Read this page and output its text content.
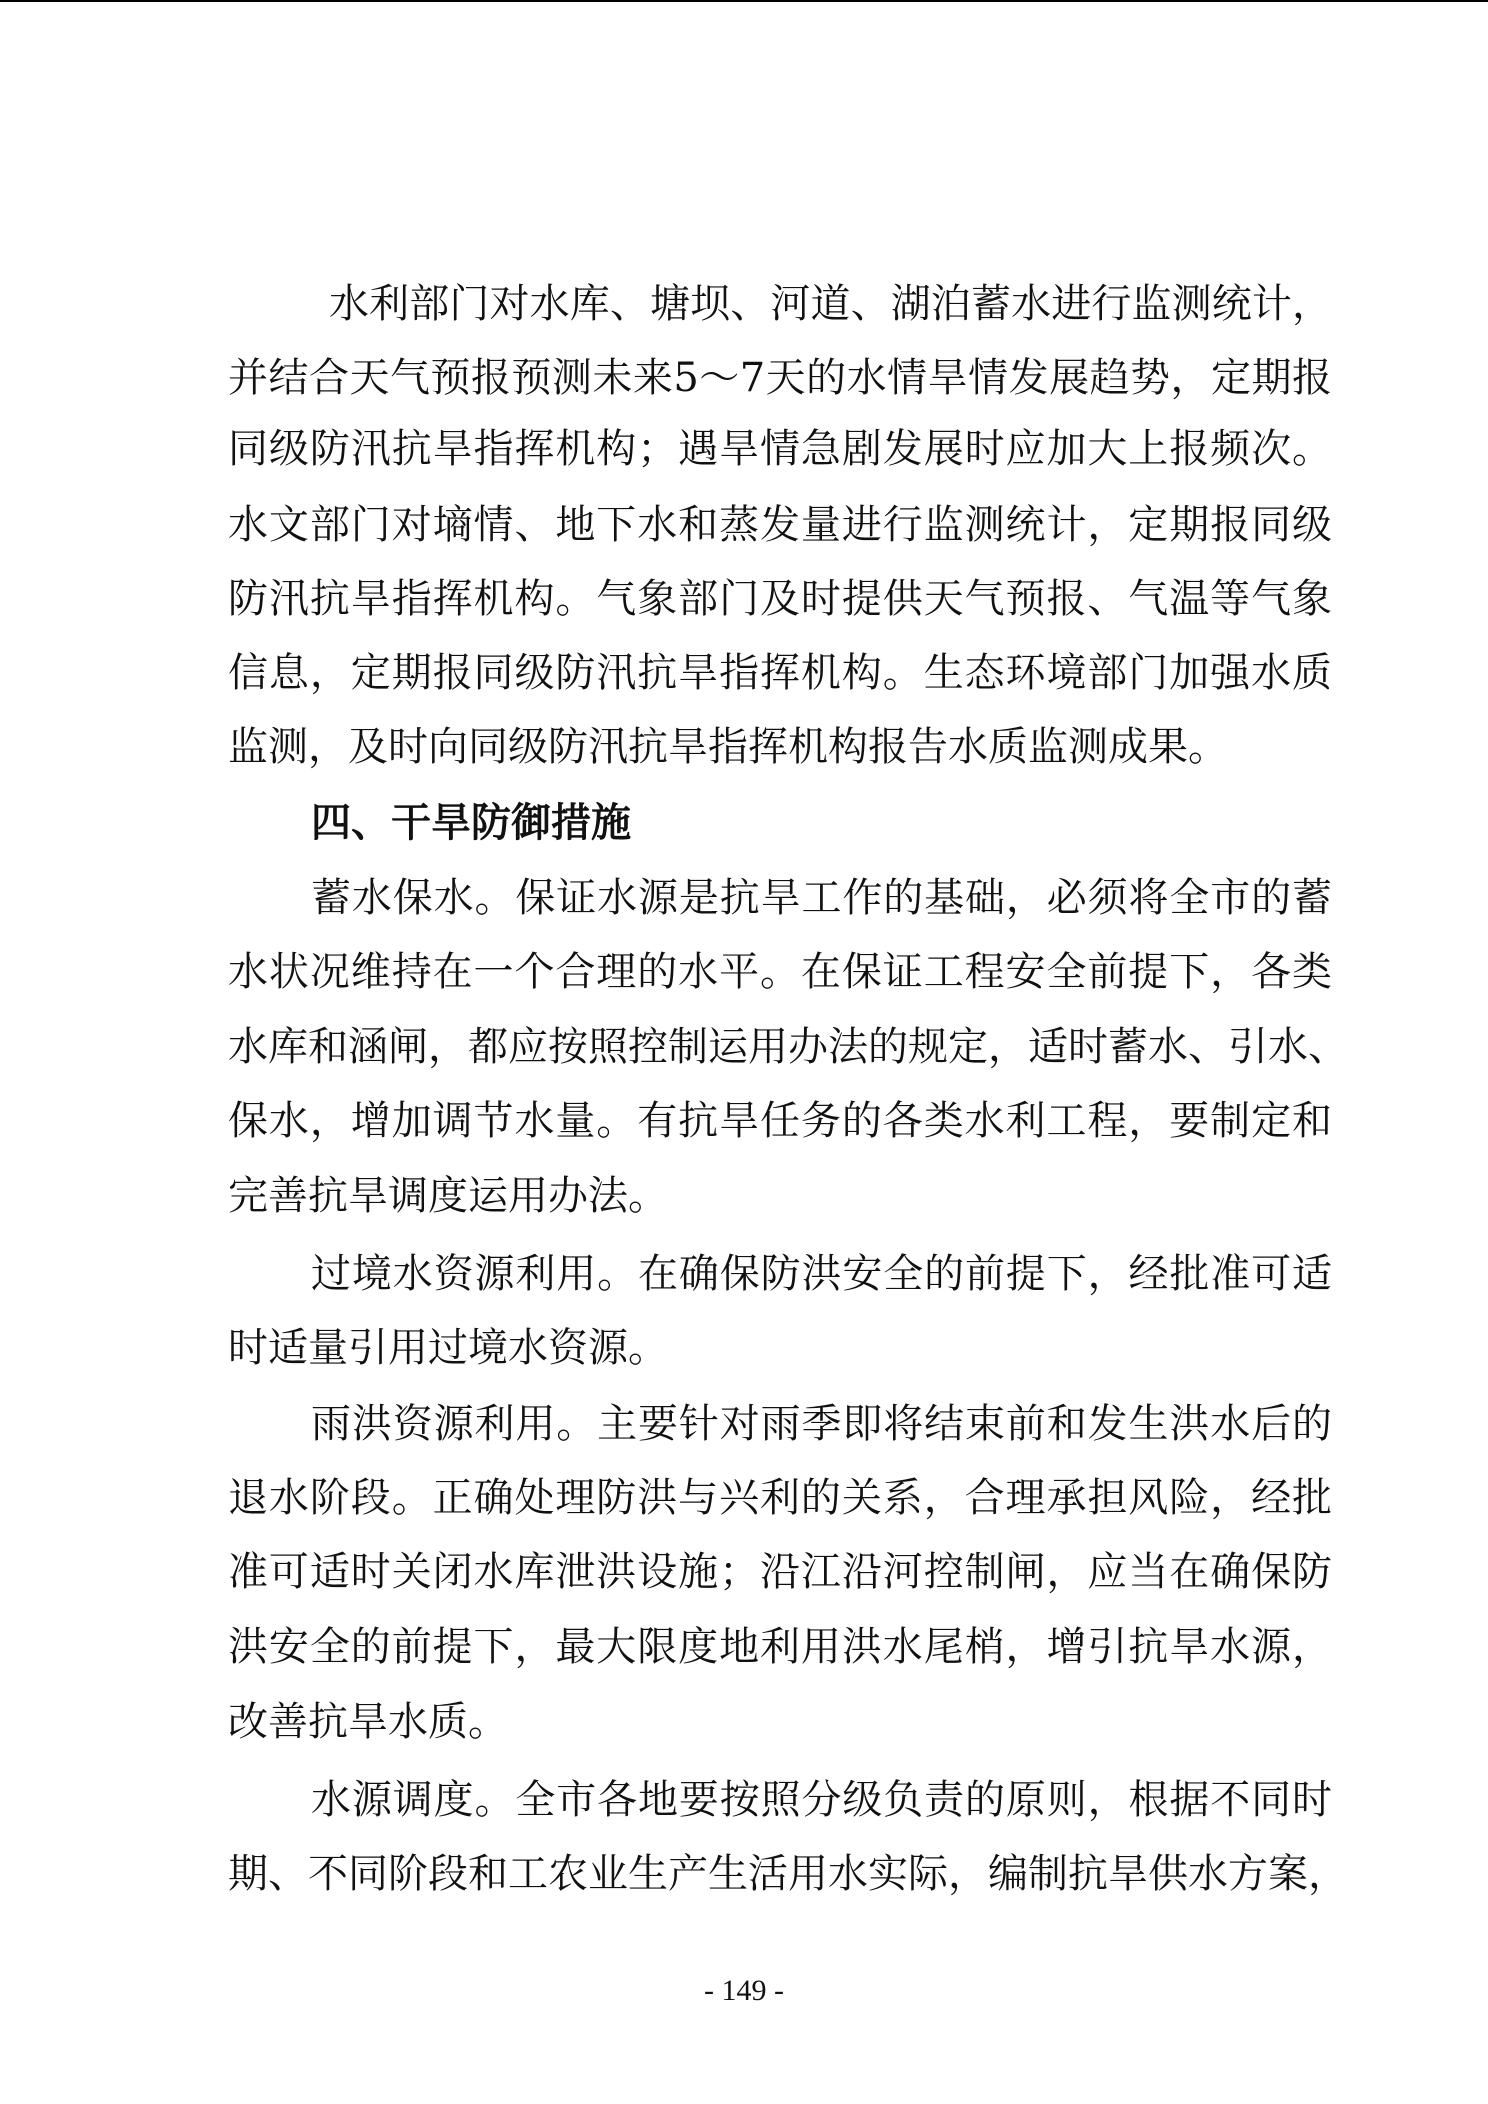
水利部门对水库、塘坝、河道、湖泊蓄水进行监测统计，
并结合天气预报预测未来5～7天的水情旱情发展趋势，定期报
同级防汛抗旱指挥机构；遇旱情急剧发展时应加大上报频次。
水文部门对墒情、地下水和蒸发量进行监测统计，定期报同级
防汛抗旱指挥机构。气象部门及时提供天气预报、气温等气象
信息，定期报同级防汛抗旱指挥机构。生态环境部门加强水质
监测，及时向同级防汛抗旱指挥机构报告水质监测成果。
四、干旱防御措施
蓄水保水。保证水源是抗旱工作的基础，必须将全市的蓄
水状况维持在一个合理的水平。在保证工程安全前提下，各类
水库和涵闸，都应按照控制运用办法的规定，适时蓄水、引水、
保水，增加调节水量。有抗旱任务的各类水利工程，要制定和
完善抗旱调度运用办法。
过境水资源利用。在确保防洪安全的前提下，经批准可适
时适量引用过境水资源。
雨洪资源利用。主要针对雨季即将结束前和发生洪水后的
退水阶段。正确处理防洪与兴利的关系，合理承担风险，经批
准可适时关闭水库泄洪设施；沿江沿河控制闸，应当在确保防
洪安全的前提下，最大限度地利用洪水尾梢，增引抗旱水源，
改善抗旱水质。
水源调度。全市各地要按照分级负责的原则，根据不同时
期、不同阶段和工农业生产生活用水实际，编制抗旱供水方案，
- 149 -
